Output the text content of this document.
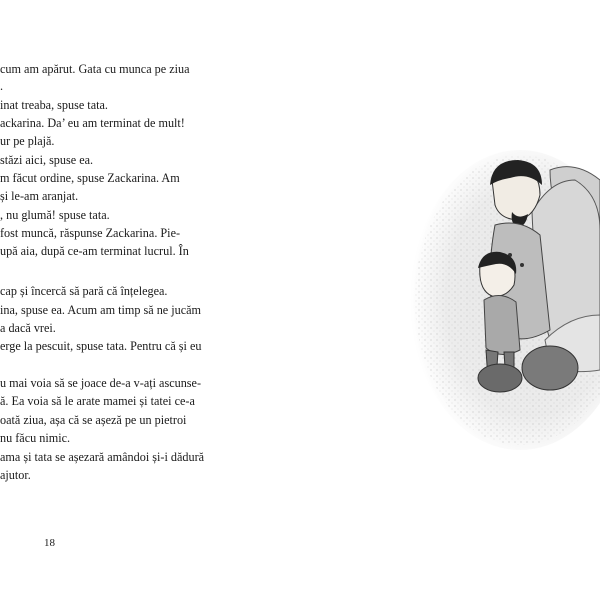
cum am apărut. Gata cu munca pe ziua
.
inat treaba, spuse tata.
ackarina. Da’ eu am terminat de mult!
ur pe plajă.
stăzi aici, spuse ea.
m făcut ordine, spuse Zackarina. Am
și le-am aranjat.
, nu glumă! spuse tata.
fost muncă, răspunse Zackarina. Pie-
upă aia, după ce-am terminat lucrul. În
cap și încercă să pară că înțelegea.
ina, spuse ea. Acum am timp să ne jucăm
a dacă vrei.
erge la pescuit, spuse tata. Pentru că și eu
u mai voia să se joace de-a v-ați ascunse-
ă. Ea voia să le arate mamei și tatei ce-a
oată ziua, așa că se așeză pe un pietroi
nu făcu nimic.
ama și tata se așezară amândoi și-i dădură
ajutor.
18
